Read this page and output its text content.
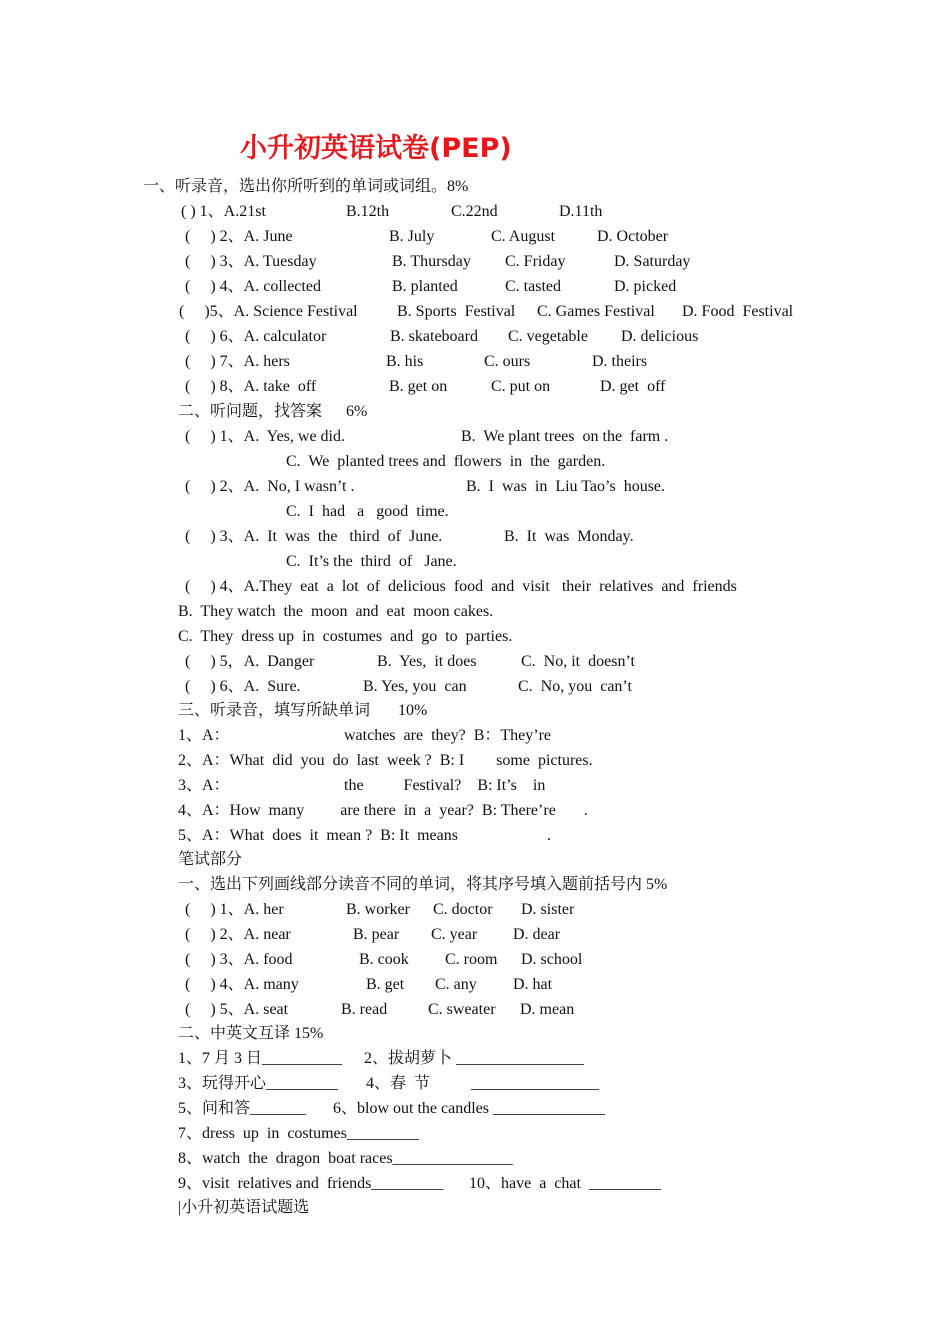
小升初英语试卷(PEP)
一、听录音，选出你所听到的单词或词组。8%
( ) 1、A.21st	B.12th	C.22nd	D.11th
(     ) 2、A. June	B. July	C. August	D. October
(     ) 3、A. Tuesday	B. Thursday C. Friday	D. Saturday
(     ) 4、A. collected	B. planted	C. tasted	D. picked
(     )5、A. Science Festival B. Sports  Festival C. Games Festival D. Food  Festival
(     ) 6、A. calculator	B. skateboard C. vegetable D. delicious
(     ) 7、A. hers	B. his	C. ours	D. theirs
(     ) 8、A. take  off	B. get on	C. put on	D. get  off
二、听问题，找答案      6%
(     ) 1、A.  Yes, we did.	B.  We plant trees  on the  farm .
C.  We  planted trees and  flowers  in  the  garden.
(     ) 2、A.  No, I wasn’t .	B.  I  was  in  Liu Tao’s  house.
C.  I  had   a   good  time.
(     ) 3、A.  It  was  the   third  of  June.	B.  It  was  Monday.
C.  It’s the  third  of   Jane.
(     ) 4、A.They  eat  a  lot  of  delicious  food  and  visit   their  relatives  and  friends
B.  They watch  the  moon  and  eat  moon cakes.
C.  They  dress up  in  costumes  and  go  to  parties.
(     ) 5，A.  Danger	B.  Yes,  it does	C.  No, it  doesn’t
(     ) 6、A.  Sure.	B. Yes, you  can	C.  No, you  can’t
三、听录音，填写所缺单词       10%
1、A：	watches  are  they?  B：They’re
2、A：What  did  you  do  last  week ?  B: I        some  pictures.
3、A：	the          Festival?    B: It’s    in
4、A：How  many         are there  in  a  year?  B: There’re       .
5、A：What  does  it  mean ?  B: It  means	.
笔试部分
一、选出下列画线部分读音不同的单词，将其序号填入题前括号内 5%
(     ) 1、A. her	B. worker C. doctor D. sister
(     ) 2、A. near	B. pear C. year D. dear
(     ) 3、A. food	B. cook C. room D. school
(     ) 4、A. many	B. get C. any D. hat
(     ) 5、A. seat	B. read	C. sweater D. mean
二、中英文互译 15%
1、7 月 3 日__________ 2、拔胡萝卜 ________________
3、玩得开心_________ 4、春  节	________________
5、问和答_______ 6、blow out the candles ______________
7、dress  up  in  costumes_________
8、watch  the  dragon  boat races_______________
9、visit  relatives and  friends_________ 10、have  a  chat  _________
|小升初英语试题选
